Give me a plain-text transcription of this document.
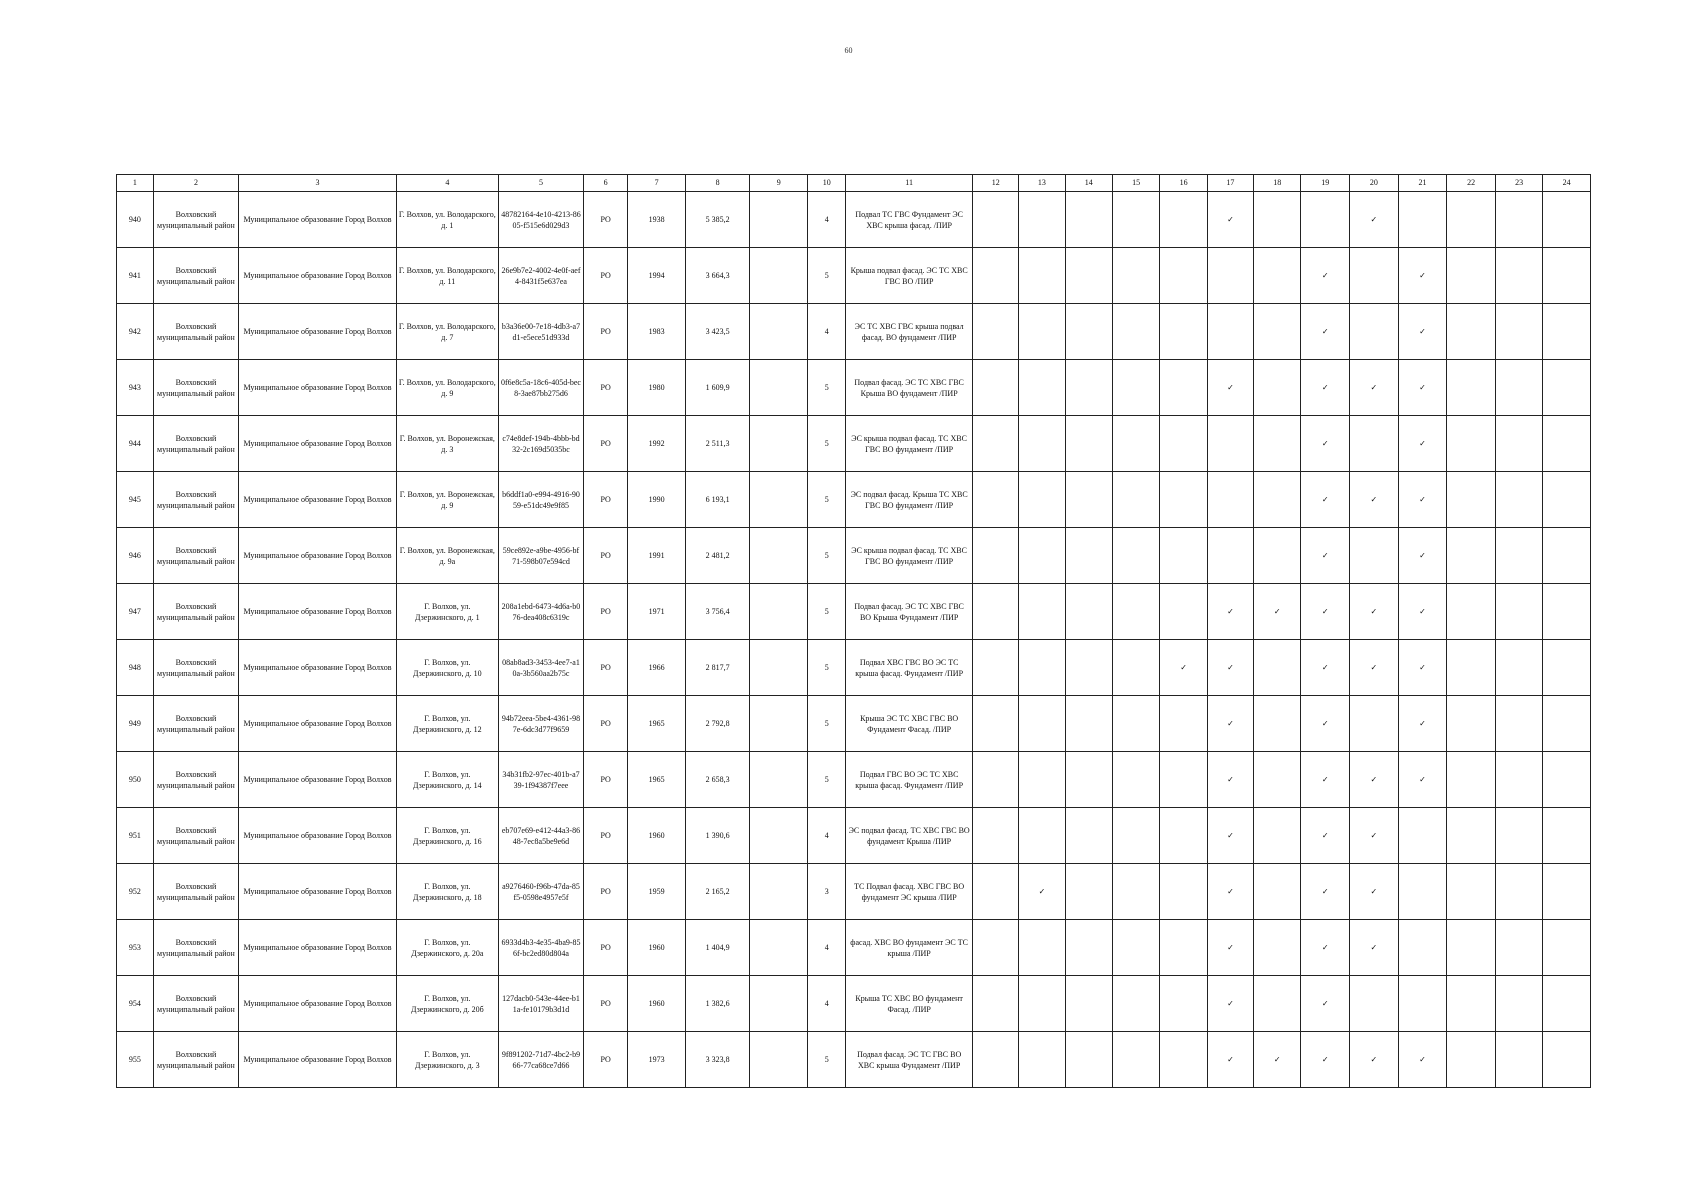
60
1	2	3	4	5	6	7	8	9	10	11	12	13	14	15	16	17	18	19	20	21	22	23	24
940	Волховский муниципальный район	Муниципальное образование Город Волхов	Г. Волхов, ул. Володарского, д. 1	48782164-4e10-4213-8605-f515e6d029d3	РО	1938	5 385,2		4	Подвал ТС ГВС Фундамент ЭС ХВС крыша фасад. /ПИР						✓			✓				
941	Волховский муниципальный район	Муниципальное образование Город Волхов	Г. Волхов, ул. Володарского, д. 11	26e9b7e2-4002-4e0f-aef4-8431f5e637ea	РО	1994	3 664,3		5	Крыша подвал фасад. ЭС ТС ХВС ГВС ВО /ПИР								✓		✓			
942	Волховский муниципальный район	Муниципальное образование Город Волхов	Г. Волхов, ул. Володарского, д. 7	b3a36e00-7e18-4db3-a7d1-e5ece51d933d	РО	1983	3 423,5		4	ЭС ТС ХВС ГВС крыша подвал фасад. ВО фундамент /ПИР								✓		✓			
943	Волховский муниципальный район	Муниципальное образование Город Волхов	Г. Волхов, ул. Володарского, д. 9	0f6e8c5a-18c6-405d-bec8-3ae87bb275d6	РО	1980	1 609,9		5	Подвал фасад. ЭС ТС ХВС ГВС Крыша ВО фундамент /ПИР						✓		✓	✓	✓			
944	Волховский муниципальный район	Муниципальное образование Город Волхов	Г. Волхов, ул. Воронежская, д. 3	c74e8def-194b-4bbb-bd32-2c169d5035bc	РО	1992	2 511,3		5	ЭС крыша подвал фасад. ТС ХВС ГВС ВО фундамент /ПИР								✓		✓			
945	Волховский муниципальный район	Муниципальное образование Город Волхов	Г. Волхов, ул. Воронежская, д. 9	b6ddf1a0-e994-4916-9059-e51dc49e9f85	РО	1990	6 193,1		5	ЭС подвал фасад. Крыша ТС ХВС ГВС ВО фундамент /ПИР								✓	✓	✓			
946	Волховский муниципальный район	Муниципальное образование Город Волхов	Г. Волхов, ул. Воронежская, д. 9а	59ce892e-a9be-4956-bf71-598b07e594cd	РО	1991	2 481,2		5	ЭС крыша подвал фасад. ТС ХВС ГВС ВО фундамент /ПИР								✓		✓			
947	Волховский муниципальный район	Муниципальное образование Город Волхов	Г. Волхов, ул. Дзержинского, д. 1	208a1ebd-6473-4d6a-b076-dea408c6319c	РО	1971	3 756,4		5	Подвал фасад. ЭС ТС ХВС ГВС ВО Крыша Фундамент /ПИР						✓	✓	✓	✓	✓			
948	Волховский муниципальный район	Муниципальное образование Город Волхов	Г. Волхов, ул. Дзержинского, д. 10	08ab8ad3-3453-4ee7-a10a-3b560aa2b75c	РО	1966	2 817,7		5	Подвал ХВС ГВС ВО ЭС ТС крыша фасад. Фундамент /ПИР					✓	✓		✓	✓	✓			
949	Волховский муниципальный район	Муниципальное образование Город Волхов	Г. Волхов, ул. Дзержинского, д. 12	94b72eea-5be4-4361-987e-6dc3d77f9659	РО	1965	2 792,8		5	Крыша ЭС ТС ХВС ГВС ВО Фундамент Фасад. /ПИР						✓		✓		✓			
950	Волховский муниципальный район	Муниципальное образование Город Волхов	Г. Волхов, ул. Дзержинского, д. 14	34b31fb2-97ec-401b-a739-1f94387f7eee	РО	1965	2 658,3		5	Подвал ГВС ВО ЭС ТС ХВС крыша фасад. Фундамент /ПИР						✓		✓	✓	✓			
951	Волховский муниципальный район	Муниципальное образование Город Волхов	Г. Волхов, ул. Дзержинского, д. 16	eb707e69-e412-44a3-8648-7ec8a5be9e6d	РО	1960	1 390,6		4	ЭС подвал фасад. ТС ХВС ГВС ВО фундамент Крыша /ПИР						✓		✓	✓				
952	Волховский муниципальный район	Муниципальное образование Город Волхов	Г. Волхов, ул. Дзержинского, д. 18	a9276460-f96b-47da-85f5-0598e4957e5f	РО	1959	2 165,2		3	ТС Подвал фасад. ХВС ГВС ВО фундамент ЭС крыша /ПИР		✓				✓		✓	✓				
953	Волховский муниципальный район	Муниципальное образование Город Волхов	Г. Волхов, ул. Дзержинского, д. 20а	6933d4b3-4e35-4ba9-856f-bc2ed80d804a	РО	1960	1 404,9		4	фасад. ХВС ВО фундамент ЭС ТС крыша /ПИР						✓		✓	✓				
954	Волховский муниципальный район	Муниципальное образование Город Волхов	Г. Волхов, ул. Дзержинского, д. 20б	127dacb0-543e-44ee-b11a-fe10179b3d1d	РО	1960	1 382,6		4	Крыша ТС ХВС ВО фундамент Фасад. /ПИР						✓		✓					
955	Волховский муниципальный район	Муниципальное образование Город Волхов	Г. Волхов, ул. Дзержинского, д. 3	9f891202-71d7-4bc2-b966-77ca68ce7d66	РО	1973	3 323,8		5	Подвал фасад. ЭС ТС ГВС ВО ХВС крыша Фундамент /ПИР						✓	✓	✓	✓	✓			
